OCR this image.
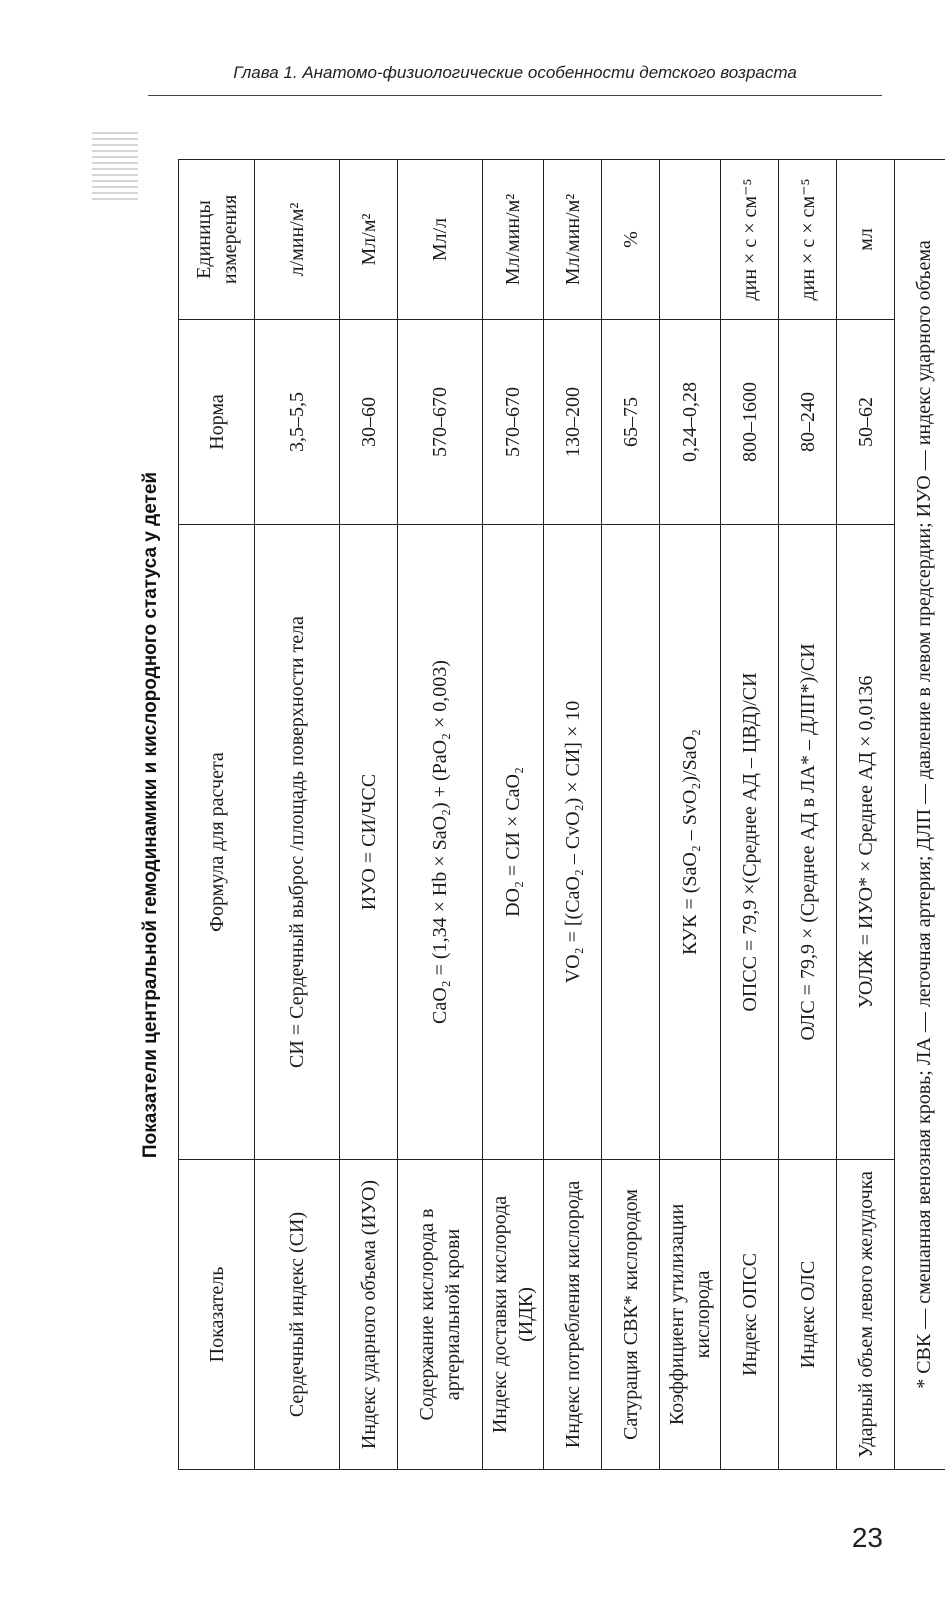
Глава 1. Анатомо-физиологические особенности детского возраста
Показатели центральной гемодинамики и кислородного статуса у детей
Показатель	Формула для расчета	Норма	Единицы измерения
Сердечный индекс (СИ)	СИ = Сердечный выброс /площадь поверхности тела	3,5–5,5	л/мин/м²
Индекс ударного объема (ИУО)	ИУО = СИ/ЧСС	30–60	Мл/м²
Содержание кислорода в артериальной крови	CaO₂ = (1,34 × Hb × SaO₂) + (PaO₂ × 0,003)	570–670	Мл/л
Индекс доставки кислорода (ИДК)	DO₂ = СИ × CaO₂	570–670	Мл/мин/м²
Индекс потребления кислорода	VO₂ = [(CaO₂ – CvO₂) × СИ] × 10	130–200	Мл/мин/м²
Сатурация СВК* кислородом		65–75	%
Коэффициент утилизации кислорода	КУК = (SaO₂ – SvO₂)/SaO₂	0,24–0,28	
Индекс ОПСС	ОПСС = 79,9 ×(Среднее АД – ЦВД)/СИ	800–1600	дин × с × см⁻⁵
Индекс ОЛС	ОЛС = 79,9 × (Среднее АД в ЛА* – ДЛП*)/СИ	80–240	дин × с × см⁻⁵
Ударный объем левого желудочка	УОЛЖ = ИУО* × Среднее АД × 0,0136	50–62	мл
* СВК — смешанная венозная кровь; ЛА — легочная артерия; ДЛП — давление в левом предсердии; ИУО — индекс ударного объема			
23
